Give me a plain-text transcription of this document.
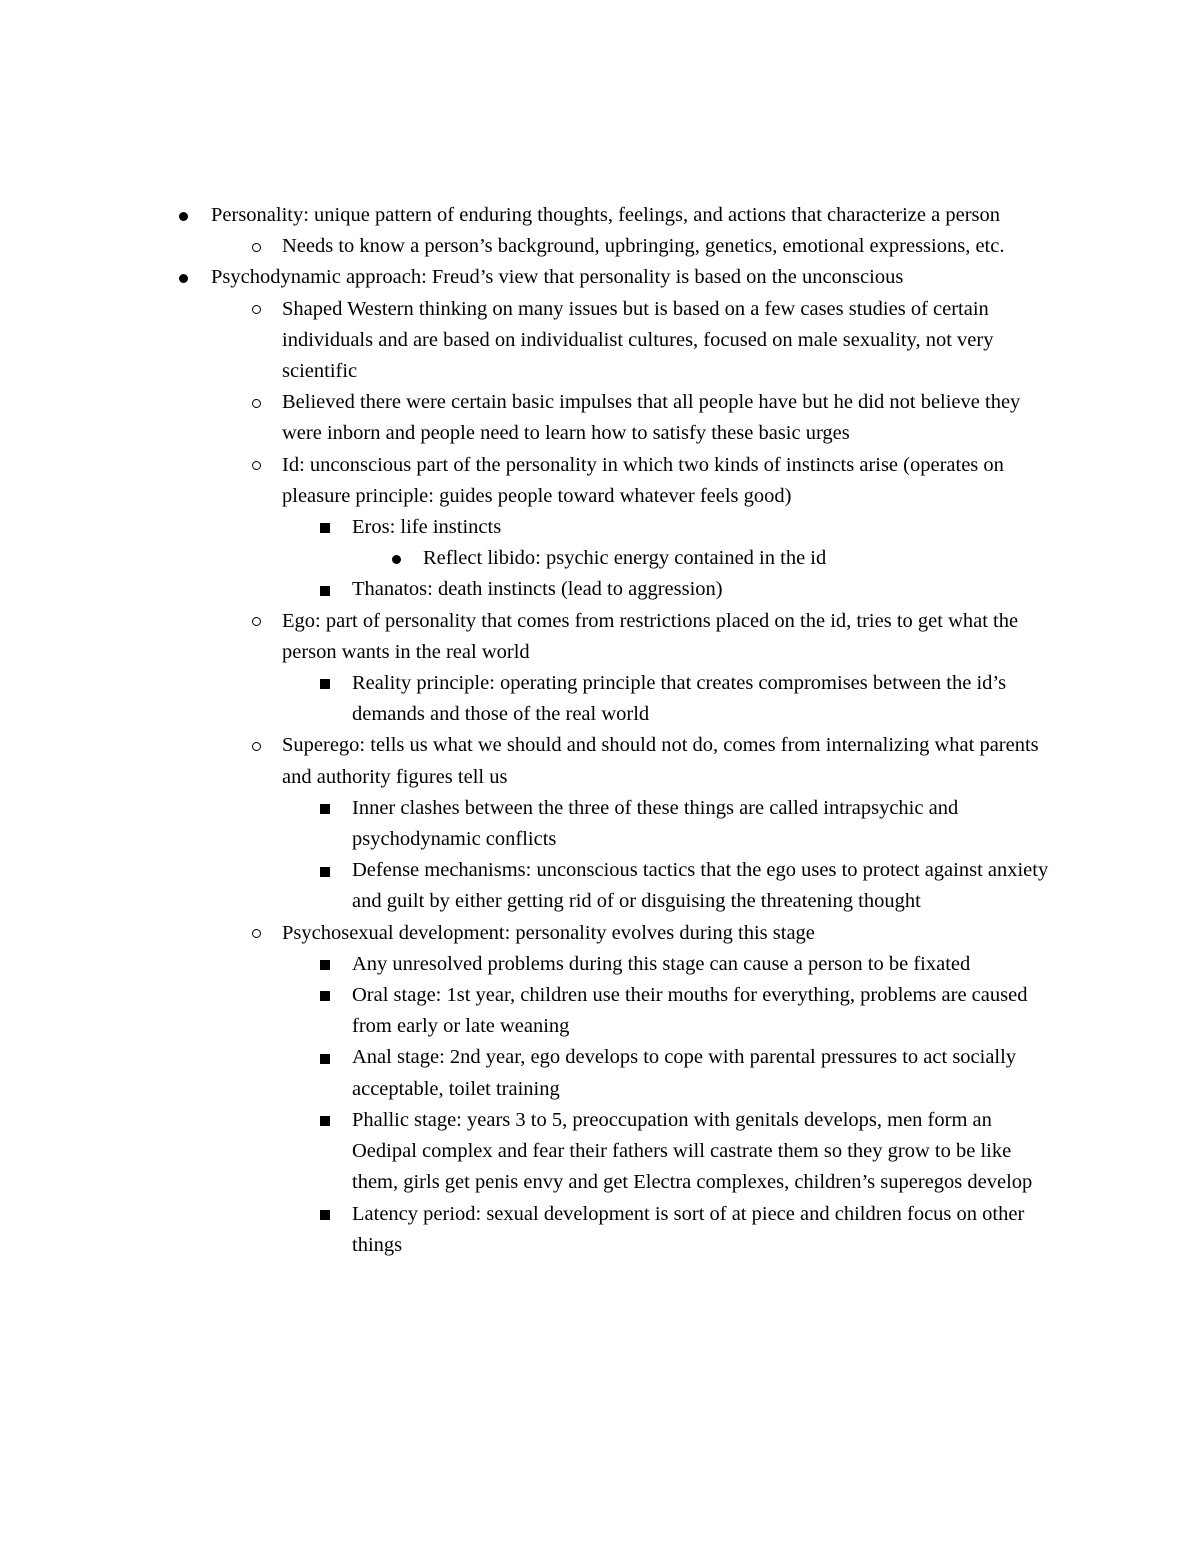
Personality: unique pattern of enduring thoughts, feelings, and actions that characterize a person
Needs to know a person’s background, upbringing, genetics, emotional expressions, etc.
Psychodynamic approach: Freud’s view that personality is based on the unconscious
Shaped Western thinking on many issues but is based on a few cases studies of certain individuals and are based on individualist cultures, focused on male sexuality, not very scientific
Believed there were certain basic impulses that all people have but he did not believe they were inborn and people need to learn how to satisfy these basic urges
Id: unconscious part of the personality in which two kinds of instincts arise (operates on pleasure principle: guides people toward whatever feels good)
Eros: life instincts
Reflect libido: psychic energy contained in the id
Thanatos: death instincts (lead to aggression)
Ego: part of personality that comes from restrictions placed on the id, tries to get what the person wants in the real world
Reality principle: operating principle that creates compromises between the id’s demands and those of the real world
Superego: tells us what we should and should not do, comes from internalizing what parents and authority figures tell us
Inner clashes between the three of these things are called intrapsychic and psychodynamic conflicts
Defense mechanisms: unconscious tactics that the ego uses to protect against anxiety and guilt by either getting rid of or disguising the threatening thought
Psychosexual development: personality evolves during this stage
Any unresolved problems during this stage can cause a person to be fixated
Oral stage: 1st year, children use their mouths for everything, problems are caused from early or late weaning
Anal stage: 2nd year, ego develops to cope with parental pressures to act socially acceptable, toilet training
Phallic stage: years 3 to 5, preoccupation with genitals develops, men form an Oedipal complex and fear their fathers will castrate them so they grow to be like them, girls get penis envy and get Electra complexes, children’s superegos develop
Latency period: sexual development is sort of at piece and children focus on other things
